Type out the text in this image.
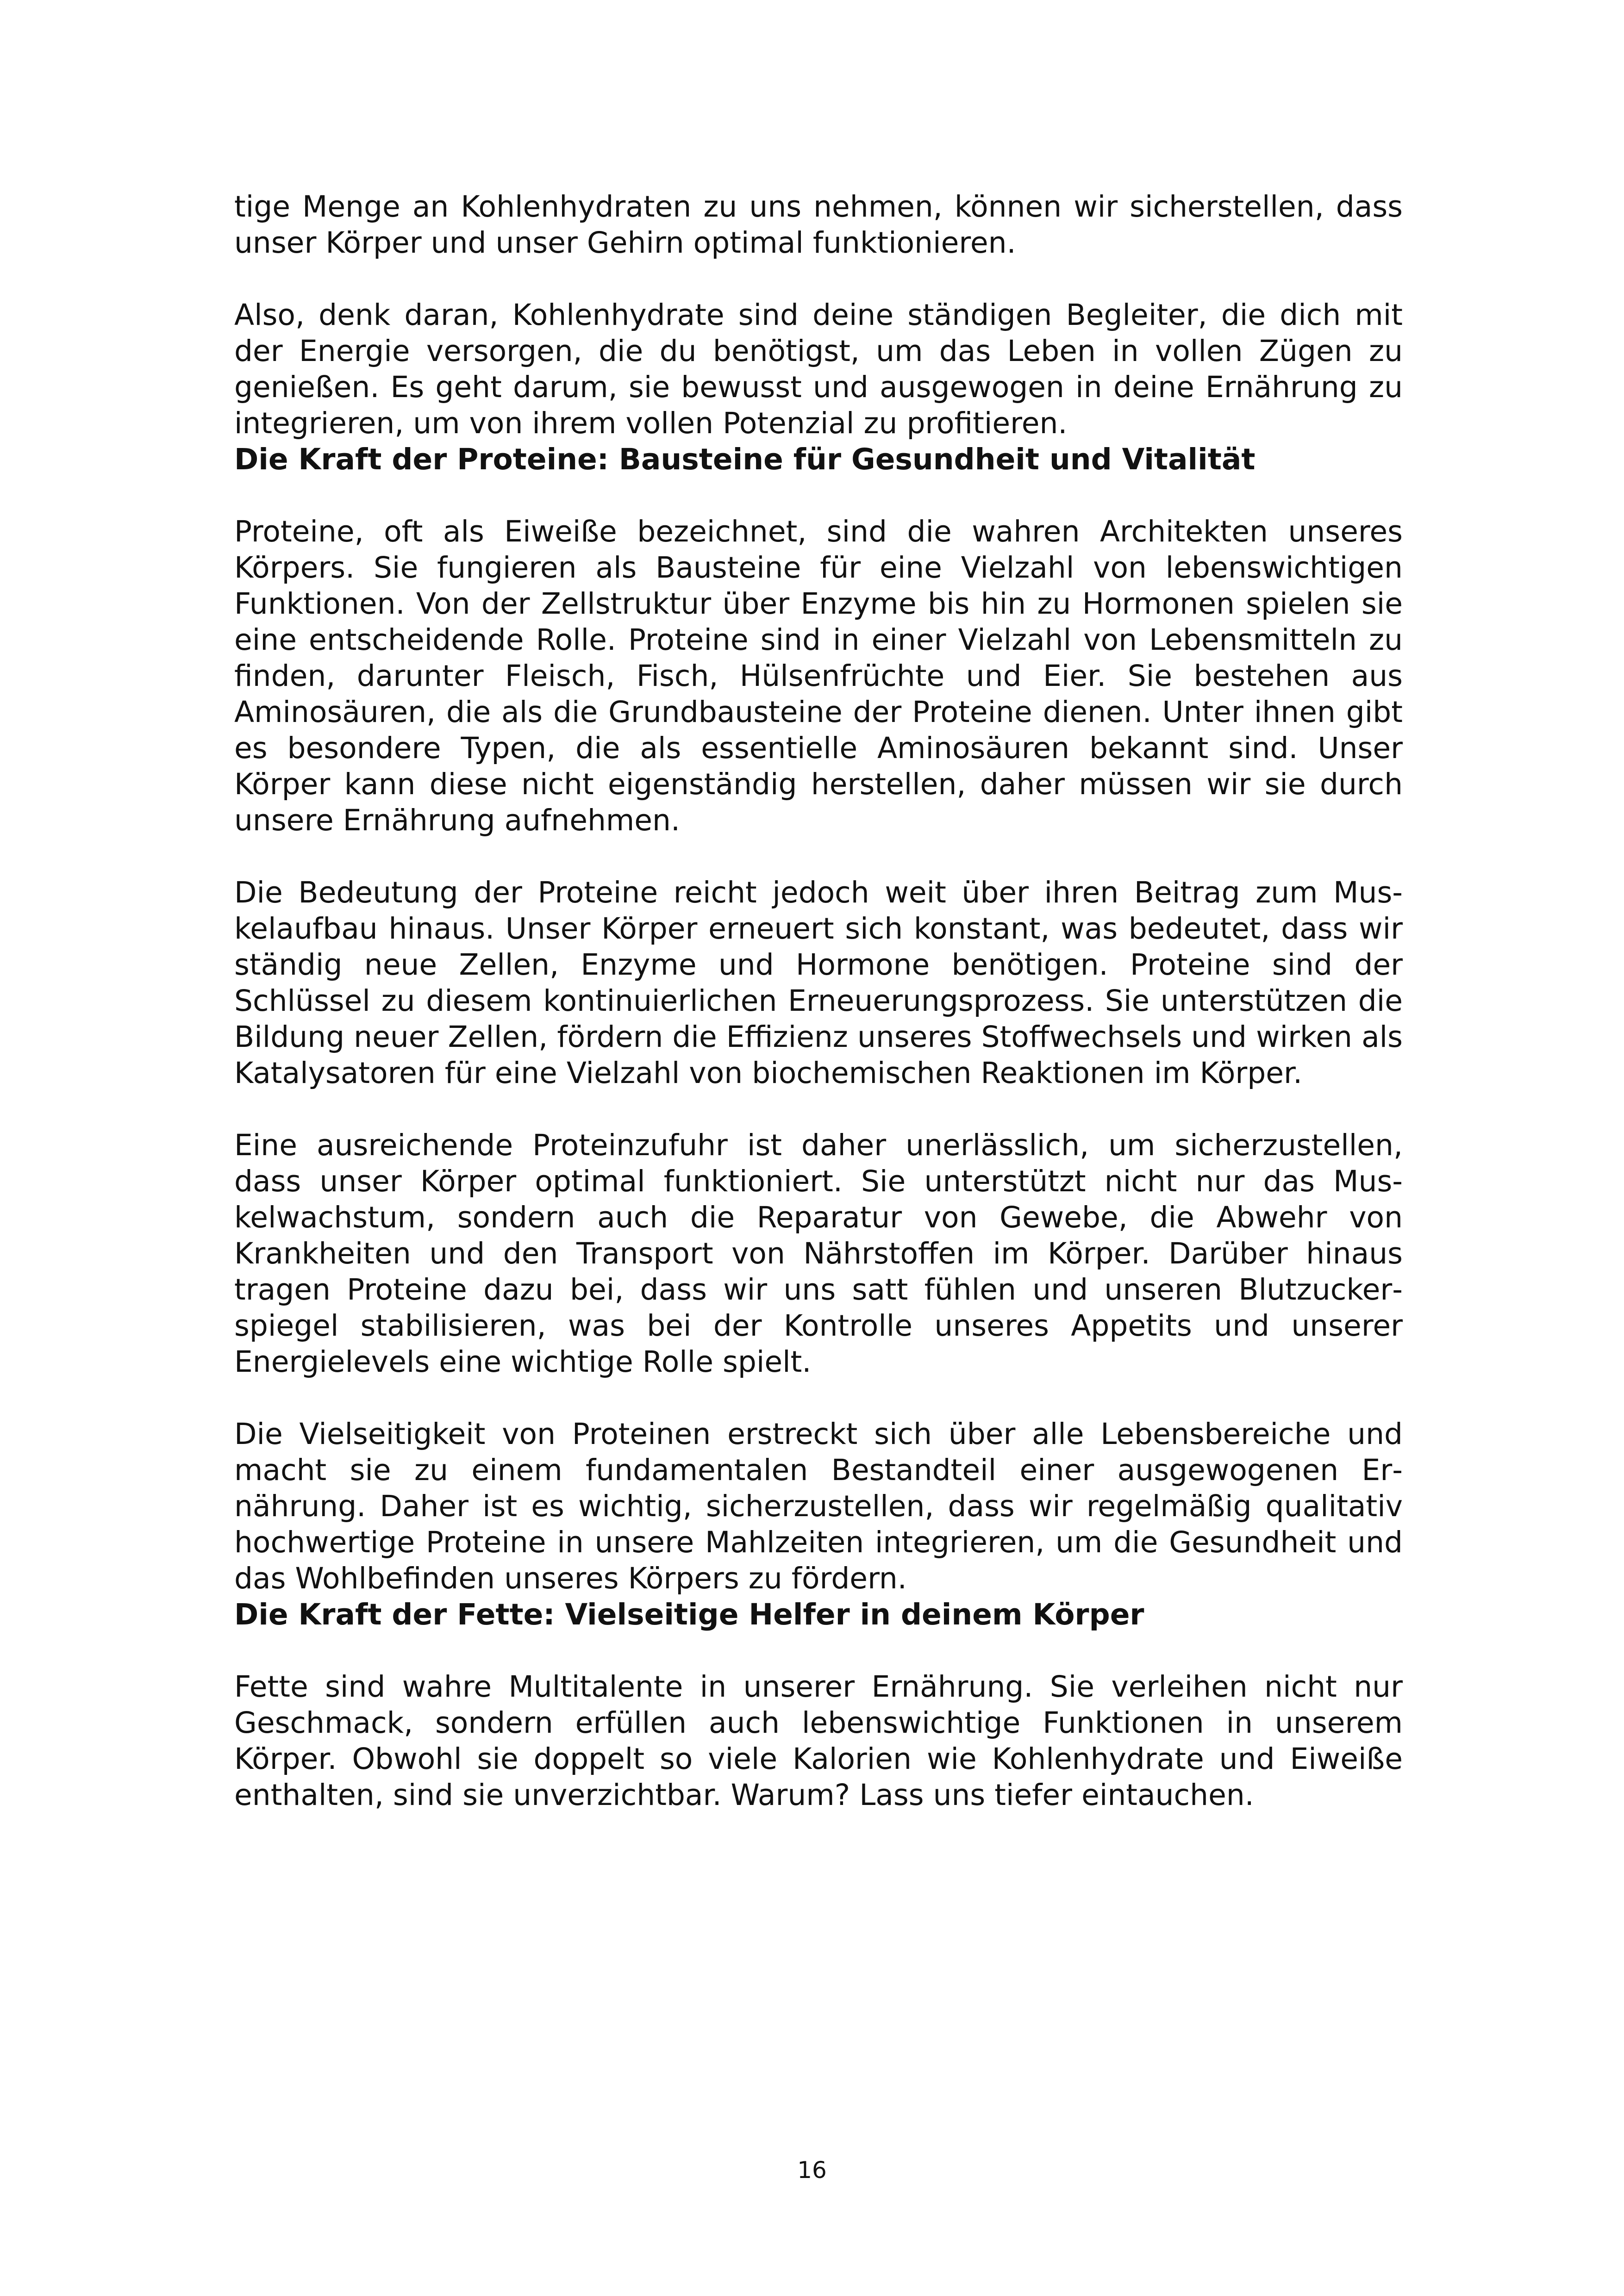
tige Menge an Kohlenhydraten zu uns nehmen, können wir sicherstellen, dass unser Körper und unser Gehirn optimal funktionieren.

Also, denk daran, Kohlenhydrate sind deine ständigen Begleiter, die dich mit der Energie versorgen, die du benötigst, um das Leben in vollen Zügen zu genießen. Es geht darum, sie bewusst und ausgewogen in deine Ernährung zu integrieren, um von ihrem vollen Potenzial zu profitieren.

Die Kraft der Proteine: Bausteine für Gesundheit und Vitalität

Proteine, oft als Eiweiße bezeichnet, sind die wahren Architekten unseres Körpers. Sie fungieren als Bausteine für eine Vielzahl von lebenswichtigen Funktionen. Von der Zellstruktur über Enzyme bis hin zu Hormonen spielen sie eine entscheidende Rolle. Proteine sind in einer Vielzahl von Lebensmitteln zu finden, darunter Fleisch, Fisch, Hülsenfrüchte und Eier. Sie bestehen aus Aminosäuren, die als die Grundbausteine der Proteine dienen. Unter ihnen gibt es besondere Typen, die als essentielle Aminosäuren bekannt sind. Unser Körper kann diese nicht eigenständig herstellen, daher müssen wir sie durch unsere Ernährung aufnehmen.

Die Bedeutung der Proteine reicht jedoch weit über ihren Beitrag zum Muskelaufbau hinaus. Unser Körper erneuert sich konstant, was bedeutet, dass wir ständig neue Zellen, Enzyme und Hormone benötigen. Proteine sind der Schlüssel zu diesem kontinuierlichen Erneuerungsprozess. Sie unterstützen die Bildung neuer Zellen, fördern die Effizienz unseres Stoffwechsels und wirken als Katalysatoren für eine Vielzahl von biochemischen Reaktionen im Körper.

Eine ausreichende Proteinzufuhr ist daher unerlässlich, um sicherzustellen, dass unser Körper optimal funktioniert. Sie unterstützt nicht nur das Muskelwachstum, sondern auch die Reparatur von Gewebe, die Abwehr von Krankheiten und den Transport von Nährstoffen im Körper. Darüber hinaus tragen Proteine dazu bei, dass wir uns satt fühlen und unseren Blutzuckerspiegel stabilisieren, was bei der Kontrolle unseres Appetits und unserer Energielevels eine wichtige Rolle spielt.

Die Vielseitigkeit von Proteinen erstreckt sich über alle Lebensbereiche und macht sie zu einem fundamentalen Bestandteil einer ausgewogenen Ernährung. Daher ist es wichtig, sicherzustellen, dass wir regelmäßig qualitativ hochwertige Proteine in unsere Mahlzeiten integrieren, um die Gesundheit und das Wohlbefinden unseres Körpers zu fördern.

Die Kraft der Fette: Vielseitige Helfer in deinem Körper

Fette sind wahre Multitalente in unserer Ernährung. Sie verleihen nicht nur Geschmack, sondern erfüllen auch lebenswichtige Funktionen in unserem Körper. Obwohl sie doppelt so viele Kalorien wie Kohlenhydrate und Eiweiße enthalten, sind sie unverzichtbar. Warum? Lass uns tiefer eintauchen.

16
